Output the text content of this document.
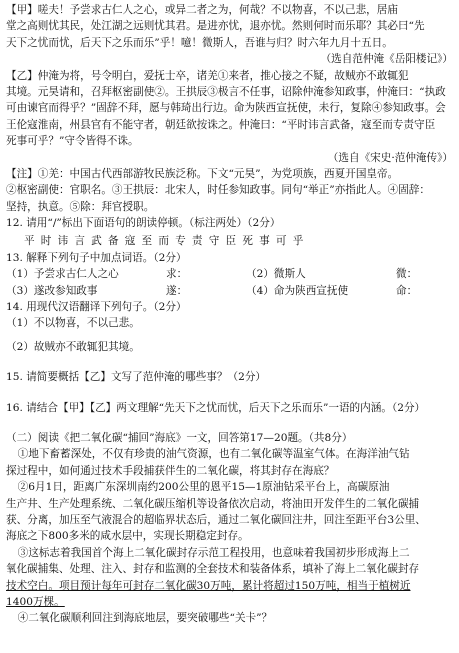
【甲】嗟夫！予尝求古仁人之心，或异二者之为，何哉？不以物喜，不以己悲，居庙

堂之高则忧其民，处江湖之远则忧其君。是进亦忧，退亦忧。然则何时而乐耶？其必曰“先

天下之忧而忧，后天下之乐而乐”乎！噫！微斯人，吾谁与归？时六年九月十五日。

（选自范仲淹《岳阳楼记》）

【乙】仲淹为将，号令明白，爱抚士卒，诸羌①来者，推心接之不疑，故贼亦不敢辄犯

其境。元昊请和，召拜枢密副使②。王拱辰③极言不任事，诏除仲淹参知政事，仲淹曰：“执政

可由谏官而得乎？”固辞不拜，愿与韩琦出行边。命为陕西宣抚使，未行，复除④参知政事。会

王伦寇淮南，州县官有不能守者，朝廷欲按诛之。仲淹曰：“平时讳言武备，寇至而专责守臣

死事可乎？”守令皆得不诛。

（选自《宋史·范仲淹传》）

【注】①羌：中国古代西部游牧民族泛称。下文“元昊”，为党项族，西夏开国皇帝。

②枢密副使：官职名。③王拱辰：北宋人，时任参知政事。同句“举正”亦指此人。④固辞：

坚持，执意。⑤除：拜官授职。

12. 请用“/”标出下面语句的朗读停顿。（标注两处）（2分）

平时讳言武备寇至而专责守臣死事可乎

13. 解释下列句子中加点词语。（2分）

（1）予尝求古仁人之心	求：	（2）微斯人	微：
（3）遂改参知政事	遂：	（4）命为陕西宣抚使	命：

14. 用现代汉语翻译下列句子。（2分）

（1）不以物喜，不以己悲。

（2）故贼亦不敢辄犯其境。

15. 请简要概括【乙】文写了范仲淹的哪些事？（2分）

16. 请结合【甲】【乙】两文理解“先天下之忧而忧，后天下之乐而乐”一语的内涵。（2分）

（二）阅读《把二氧化碳“捕回”海底》一文，回答第17—20题。（共8分）

①地下畜蓄深处，不仅有珍贵的油气资源，也有二氧化碳等温室气体。在海洋油气钻

探过程中，如何通过技术手段捕获伴生的二氧化碳，将其封存在海底？

②6月1日，距离广东深圳南约200公里的恩平15—1原油钻采平台上，高碳原油

生产井、生产处理系统、二氧化碳压缩机等设备依次启动，将油田开发伴生的二氧化碳捕

获、分离，加压至气液混合的超临界状态后，通过二氧化碳回注井，回注至距平台3公里、

海底之下800多米的咸水层中，实现长期稳定封存。

③这标志着我国首个海上二氧化碳封存示范工程投用，也意味着我国初步形成海上二

氧化碳捕集、处理、注入、封存和监测的全套技术和装备体系，填补了海上二氧化碳封存

技术空白。项目预计每年可封存二氧化碳30万吨，累计将超过150万吨，相当于植树近

1400万棵。

④二氧化碳顺利回注到海底地层，要突破哪些“关卡”？
